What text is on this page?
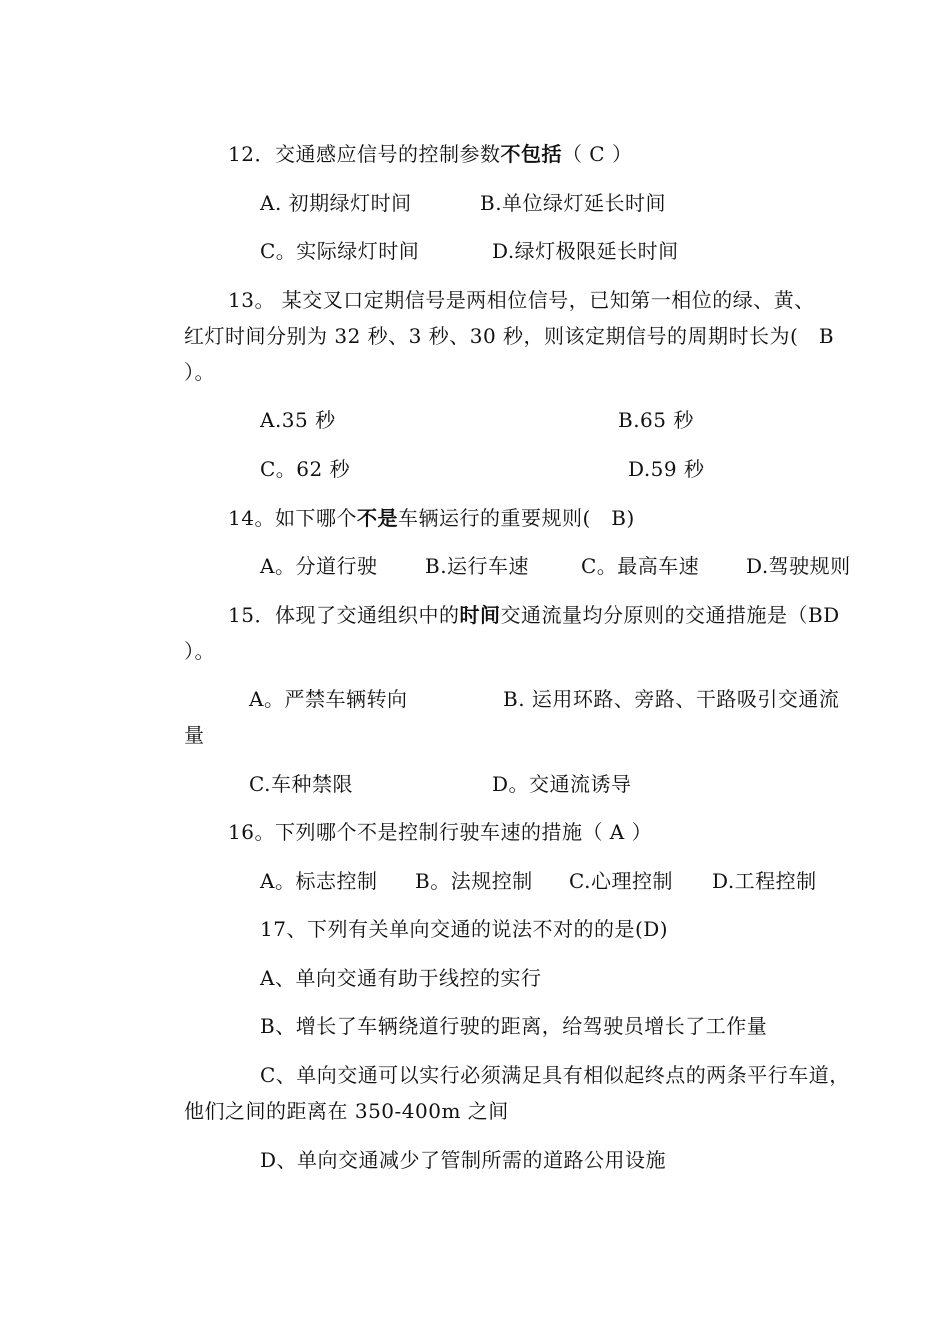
12．交通感应信号的控制参数不包括（ C ）
A. 初期绿灯时间	B.单位绿灯延长时间
C。实际绿灯时间	D.绿灯极限延长时间
13。 某交叉口定期信号是两相位信号，已知第一相位的绿、黄、
红灯时间分别为 32 秒、3 秒、30 秒，则该定期信号的周期时长为(　B
）。
A.35 秒	B.65 秒
C。62 秒	D.59 秒
14。如下哪个不是车辆运行的重要规则(　B)
A。分道行驶 B.运行车速	C。最高车速 D.驾驶规则
15．体现了交通组织中的时间交通流量均分原则的交通措施是（BD
）。
A。严禁车辆转向	B. 运用环路、旁路、干路吸引交通流
量
C.车种禁限	D。交通流诱导
16。下列哪个不是控制行驶车速的措施（ A ）
A。标志控制 B。法规控制 C.心理控制 D.工程控制
17、下列有关单向交通的说法不对的的是(D)
A、单向交通有助于线控的实行
B、增长了车辆绕道行驶的距离，给驾驶员增长了工作量
C、单向交通可以实行必须满足具有相似起终点的两条平行车道，
他们之间的距离在 350-400m 之间
D、单向交通减少了管制所需的道路公用设施
